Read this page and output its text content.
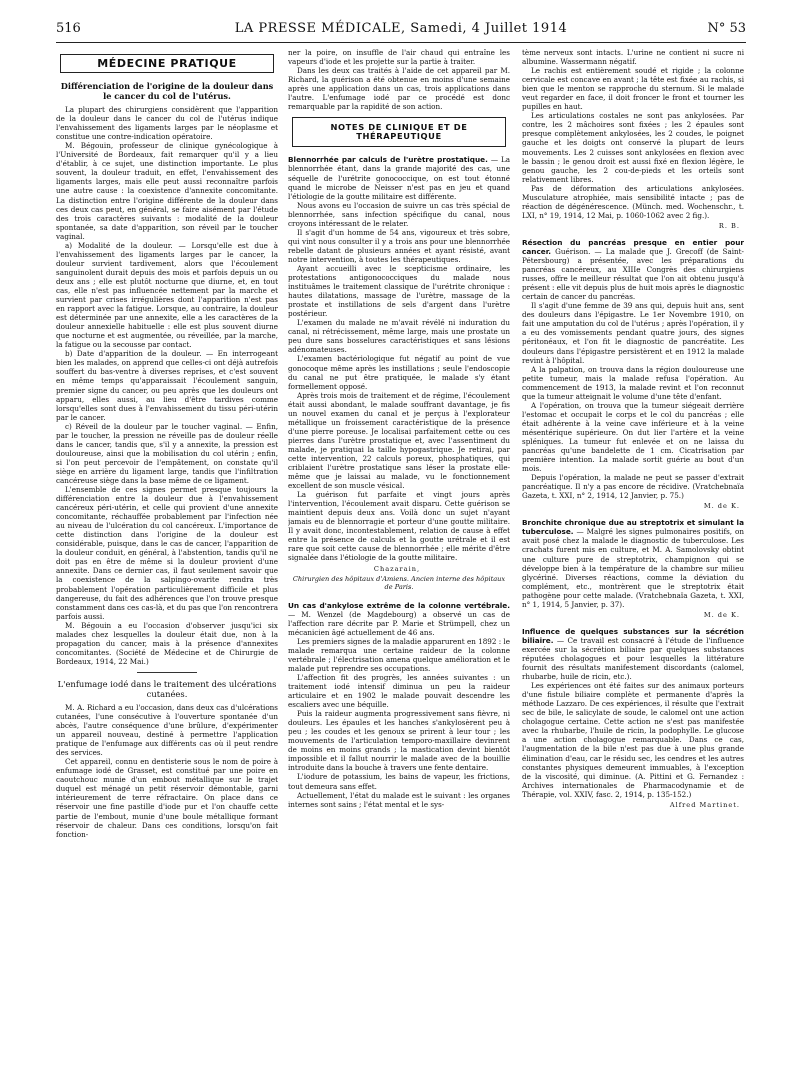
516	LA PRESSE MÉDICALE, Samedi, 4 Juillet 1914	N° 53
MÉDECINE PRATIQUE
Différenciation de l'origine de la douleur dans le cancer du col de l'utérus.

La plupart des chirurgiens considèrent que l'apparition de la douleur dans le cancer du col de l'utérus indique l'envahissement des ligaments larges par le néoplasme et constitue une contre-indication opératoire.

M. Bégouin, professeur de clinique gynécologique à l'Université de Bordeaux, fait remarquer qu'il y a lieu d'établir, à ce sujet, une distinction importante. Le plus souvent, la douleur traduit, en effet, l'envahissement des ligaments larges, mais elle peut aussi reconnaître parfois une autre cause : la coexistence d'annexite concomitante. La distinction entre l'origine différente de la douleur dans ces deux cas peut, en général, se faire aisément par l'étude des trois caractères suivants : modalité de la douleur spontanée, sa date d'apparition, son réveil par le toucher vaginal.

a) Modalité de la douleur. — Lorsqu'elle est due à l'envahissement des ligaments larges par le cancer, la douleur survient tardivement, alors que l'écoulement sanguinolent durait depuis des mois et parfois depuis un ou deux ans ; elle est plutôt nocturne que diurne, et, en tout cas, elle n'est pas influencée nettement par la marche et survient par crises irrégulières dont l'apparition n'est pas en rapport avec la fatigue. Lorsque, au contraire, la douleur est déterminée par une annexite, elle a les caractères de la douleur annexielle habituelle : elle est plus souvent diurne que nocturne et est augmentée, ou réveillée, par la marche, la fatigue ou la secousse par contact.

b) Date d'apparition de la douleur. — En interrogeant bien les malades, on apprend que celles-ci ont déjà autrefois souffert du bas-ventre à diverses reprises, et c'est souvent en même temps qu'apparaissait l'écoulement sanguin, premier signe du cancer, ou peu après que les douleurs ont apparu, elles aussi, au lieu d'être tardives comme lorsqu'elles sont dues à l'envahissement du tissu péri-utérin par le cancer.

c) Réveil de la douleur par le toucher vaginal. — Enfin, par le toucher, la pression ne réveille pas de douleur réelle dans le cancer, tandis que, s'il y a annexite, la pression est douloureuse, ainsi que la mobilisation du col utérin ; enfin, si l'on peut percevoir de l'empâtement, on constate qu'il siège en arrière du ligament large, tandis que l'infiltration cancéreuse siège dans la base même de ce ligament.

L'ensemble de ces signes permet presque toujours la différenciation entre la douleur due à l'envahissement cancéreux péri-utérin, et celle qui provient d'une annexite concomitante, réchauffée probablement par l'infection née au niveau de l'ulcération du col cancéreux. L'importance de cette distinction dans l'origine de la douleur est considérable, puisque, dans le cas de cancer, l'apparition de la douleur conduit, en général, à l'abstention, tandis qu'il ne doit pas en être de même si la douleur provient d'une annexite. Dans ce dernier cas, il faut seulement savoir que la coexistence de la salpingo-ovarite rendra très probablement l'opération particulièrement difficile et plus dangereuse, du fait des adhérences que l'on trouve presque constamment dans ces cas-là, et du pas que l'on rencontrera parfois aussi.

M. Bégouin a eu l'occasion d'observer jusqu'ici six malades chez lesquelles la douleur était due, non à la propagation du cancer, mais à la présence d'annexites concomitantes. (Société de Médecine et de Chirurgie de Bordeaux, 1914, 22 Mai.)

L'enfumage iodé dans le traitement des ulcérations cutanées.

M. A. Richard a eu l'occasion, dans deux cas d'ulcérations cutanées, l'une consécutive à l'ouverture spontanée d'un abcès, l'autre conséquence d'une brûlure, d'expérimenter un appareil nouveau, destiné à permettre l'application pratique de l'enfumage aux différents cas où il peut rendre des services.

Cet appareil, connu en dentisterie sous le nom de poire à enfumage iodé de Grasset, est constitué par une poire en caoutchouc munie d'un embout métallique sur le trajet duquel est ménagé un petit réservoir démontable, garni intérieurement de terre réfractaire. On place dans ce réservoir une fine pastille d'iode pur et l'on chauffe cette partie de l'embout, munie d'une boule métallique formant réservoir de chaleur. Dans ces conditions, lorsqu'on fait fonction-

ner la poire, on insuffle de l'air chaud qui entraîne les vapeurs d'iode et les projette sur la partie à traiter.

Dans les deux cas traités à l'aide de cet appareil par M. Richard, la guérison a été obtenue en moins d'une semaine après une application dans un cas, trois applications dans l'autre. L'enfumage iodé par ce procédé est donc remarquable par la rapidité de son action.

NOTES DE CLINIQUE ET DE THÉRAPEUTIQUE

Blennorrhée par calculs de l'urètre prostatique. — La blennorrhée étant, dans la grande majorité des cas, une séquelle de l'urétrite gonococcique, on est tout étonné quand le microbe de Neisser n'est pas en jeu et quand l'étiologie de la goutte militaire est différente.

Nous avons eu l'occasion de suivre un cas très spécial de blennorrhée, sans infection spécifique du canal, nous croyons intéressant de le relater.

Il s'agit d'un homme de 54 ans, vigoureux et très sobre, qui vint nous consulter il y a trois ans pour une blennorrhée rebelle datant de plusieurs années et ayant résisté, avant notre intervention, à toutes les thérapeutiques.

Ayant accueilli avec le scepticisme ordinaire, les protestations antigonococciques du malade nous instituâmes le traitement classique de l'urétrite chronique : hautes dilatations, massage de l'urètre, massage de la prostate et instillations de sels d'argent dans l'urètre postérieur.

L'examen du malade ne m'avait révélé ni induration du canal, ni rétrécissement, même large, mais une prostate un peu dure sans bosselures caractéristiques et sans lésions adénomateuses.

L'examen bactériologique fut négatif au point de vue gonocoque même après les instillations ; seule l'endoscopie du canal ne put être pratiquée, le malade s'y étant formellement opposé.

Après trois mois de traitement et de régime, l'écoulement était aussi abondant, le malade souffrant davantage, je fis un nouvel examen du canal et je perçus à l'explorateur métallique un froissement caractéristique de la présence d'une pierre poreuse. Je localisai parfaitement cette ou ces pierres dans l'urètre prostatique et, avec l'assentiment du malade, je pratiquai la taille hypogastrique. Je retirai, par cette intervention, 22 calculs poreux, phosphatiques, qui criblaient l'urètre prostatique sans léser la prostate elle-même que je laissai au malade, vu le fonctionnement excellent de son muscle vésical.

La guérison fut parfaite et vingt jours après l'intervention, l'écoulement avait disparu. Cette guérison se maintient depuis deux ans. Voilà donc un sujet n'ayant jamais eu de blennorragie et porteur d'une goutte militaire. Il y avait donc, incontestablement, relation de cause à effet entre la présence de calculs et la goutte urétrale et il est rare que soit cette cause de blennorrhée ; elle mérite d'être signalée dans l'étiologie de la goutte militaire.

Chazarain,
Chirurgien des hôpitaux d'Amiens. Ancien interne des hôpitaux de Paris.

Un cas d'ankylose extrême de la colonne vertébrale. — M. Wenzel (de Magdebourg) a observé un cas de l'affection rare décrite par P. Marie et Strümpell, chez un mécanicien âgé actuellement de 46 ans.

Les premiers signes de la maladie apparurent en 1892 : le malade remarqua une certaine raideur de la colonne vertébrale ; l'électrisation amena quelque amélioration et le malade put reprendre ses occupations.

L'affection fit des progrès, les années suivantes : un traitement iodé intensif diminua un peu la raideur articulaire et en 1902 le malade pouvait descendre les escaliers avec une béquille.

Puis la raideur augmenta progressivement sans fièvre, ni douleurs. Les épaules et les hanches s'ankylosèrent peu à peu ; les coudes et les genoux se prirent à leur tour ; les mouvements de l'articulation temporo-maxillaire devinrent de moins en moins grands ; la mastication devint bientôt impossible et il fallut nourrir le malade avec de la bouillie introduite dans la bouche à travers une fente dentaire.

L'iodure de potassium, les bains de vapeur, les frictions, tout demeura sans effet.

Actuellement, l'état du malade est le suivant : les organes internes sont sains ; l'état mental et le sys-

tème nerveux sont intacts. L'urine ne contient ni sucre ni albumine. Wassermann négatif.

Le rachis est entièrement soudé et rigide ; la colonne cervicale est concave en avant ; la tête est fixée au rachis, si bien que le menton se rapproche du sternum. Si le malade veut regarder en face, il doit froncer le front et tourner les pupilles en haut.

Les articulations costales ne sont pas ankylosées. Par contre, les 2 mâchoires sont fixées ; les 2 épaules sont presque complètement ankylosées, les 2 coudes, le poignet gauche et les doigts ont conservé la plupart de leurs mouvements. Les 2 cuisses sont ankylosées en flexion avec le bassin ; le genou droit est aussi fixé en flexion légère, le genou gauche, les 2 cou-de-pieds et les orteils sont relativement libres.

Pas de déformation des articulations ankylosées. Musculature atrophiée, mais sensibilité intacte ; pas de réaction de dégénérescence. (Münch. med. Wochenschr., t. LXI, n° 19, 1914, 12 Mai, p. 1060-1062 avec 2 fig.).

R. B.

Résection du pancréas presque en entier pour cancer. Guérison. — La malade que J. Grecoff (de Saint-Pétersbourg) a présentée, avec les préparations du pancréas cancéreux, au XIIIe Congrès des chirurgiens russes, offre le meilleur résultat que l'on ait obtenu jusqu'à présent : elle vit depuis plus de huit mois après le diagnostic certain de cancer du pancréas.

Il s'agit d'une femme de 39 ans qui, depuis huit ans, sent des douleurs dans l'épigastre. Le 1er Novembre 1910, on fait une amputation du col de l'utérus ; après l'opération, il y a eu des vomissements pendant quatre jours, des signes péritonéaux, et l'on fit le diagnostic de pancréatite. Les douleurs dans l'épigastre persistèrent et en 1912 la malade revint à l'hôpital.

A la palpation, on trouva dans la région douloureuse une petite tumeur, mais la malade refusa l'opération. Au commencement de 1913, la malade revint et l'on reconnut que la tumeur atteignait le volume d'une tête d'enfant.

A l'opération, on trouva que la tumeur siégeait derrière l'estomac et occupait le corps et le col du pancréas ; elle était adhérente à la veine cave inférieure et à la veine mésentérique supérieure. On dut lier l'artère et la veine spléniques. La tumeur fut enlevée et on ne laissa du pancréas qu'une bandelette de 1 cm. Cicatrisation par première intention. La malade sortit guérie au bout d'un mois.

Depuis l'opération, la malade ne peut se passer d'extrait pancréatique. Il n'y a pas encore de récidive. (Vratchebnaïa Gazeta, t. XXI, n° 2, 1914, 12 Janvier, p. 75.)

M. de K.

Bronchite chronique due au streptotrix et simulant la tuberculose. — Malgré les signes pulmonaires positifs, on avait posé chez la malade le diagnostic de tuberculose. Les crachats furent mis en culture, et M. A. Samolovsky obtint une culture pure de streptotrix, champignon qui se développe bien à la température de la chambre sur milieu glycériné. Diverses réactions, comme la déviation du complément, etc., montrèrent que le streptotrix était pathogène pour cette malade. (Vratchebnaïa Gazeta, t. XXI, n° 1, 1914, 5 Janvier, p. 37).

M. de K.

Influence de quelques substances sur la sécrétion biliaire. — Ce travail est consacré à l'étude de l'influence exercée sur la sécrétion biliaire par quelques substances réputées cholagogues et pour lesquelles la littérature fournit des résultats manifestement discordants (calomel, rhubarbe, huile de ricin, etc.).

Les expériences ont été faites sur des animaux porteurs d'une fistule biliaire complète et permanente d'après la méthode Lazzaro. De ces expériences, il résulte que l'extrait sec de bile, le salicylate de soude, le calomel ont une action cholagogue certaine. Cette action ne s'est pas manifestée avec la rhubarbe, l'huile de ricin, la podophylle. Le glucose a une action cholagogue remarquable. Dans ce cas, l'augmentation de la bile n'est pas due à une plus grande élimination d'eau, car le résidu sec, les cendres et les autres constantes physiques demeurent immuables, à l'exception de la viscosité, qui diminue. (A. Pittini et G. Fernandez : Archives internationales de Pharmacodynamie et de Thérapie, vol. XXIV, fasc. 2, 1914, p. 135-152.)

Alfred Martinet.
